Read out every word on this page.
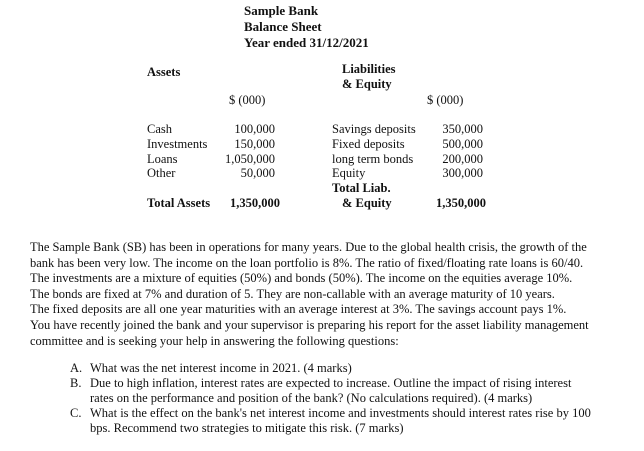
Sample Bank
Balance Sheet
Year ended 31/12/2021
Assets
$ (000)
Cash	100,000
Investments	150,000
Loans	1,050,000
Other	50,000
Total Assets 1,350,000
Liabilities
& Equity
$ (000)
Savings deposits	350,000
Fixed deposits	500,000
long term bonds	200,000
Equity	300,000
Total Liab.
& Equity	1,350,000
The Sample Bank (SB) has been in operations for many years. Due to the global health crisis, the growth of the
bank has been very low. The income on the loan portfolio is 8%. The ratio of fixed/floating rate loans is 60/40.
The investments are a mixture of equities (50%) and bonds (50%). The income on the equities average 10%.
The bonds are fixed at 7% and duration of 5. They are non-callable with an average maturity of 10 years.
The fixed deposits are all one year maturities with an average interest at 3%. The savings account pays 1%.
You have recently joined the bank and your supervisor is preparing his report for the asset liability management
committee and is seeking your help in answering the following questions:
A. What was the net interest income in 2021. (4 marks)
B. Due to high inflation, interest rates are expected to increase. Outline the impact of rising interest
rates on the performance and position of the bank? (No calculations required). (4 marks)
C. What is the effect on the bank's net interest income and investments should interest rates rise by 100
bps. Recommend two strategies to mitigate this risk. (7 marks)
